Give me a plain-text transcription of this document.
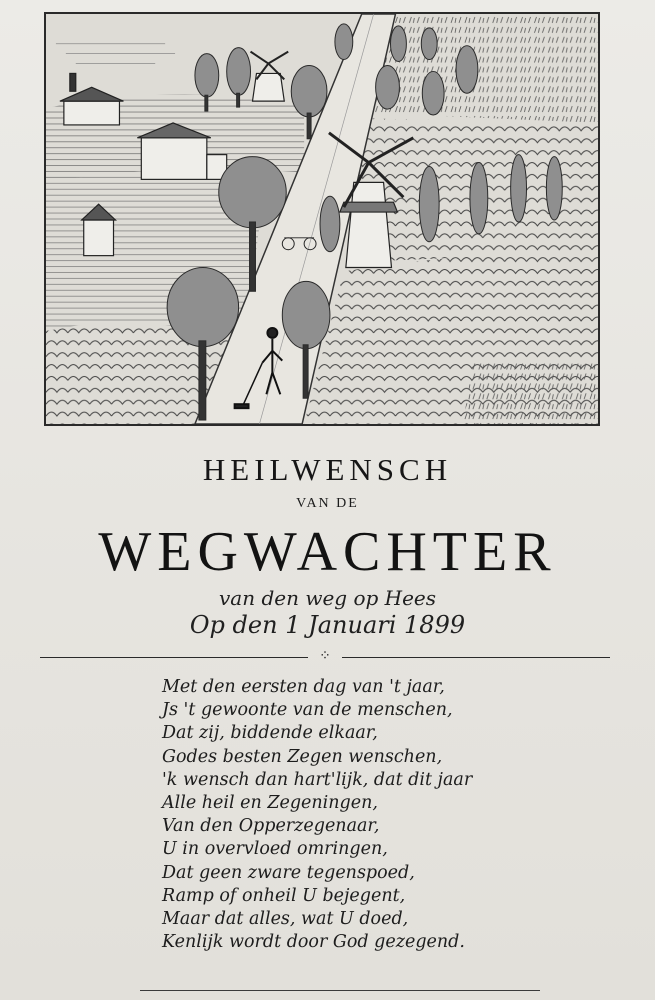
HEILWENSCH
VAN DE
WEGWACHTER
van den weg op Hees
Op den 1 Januari 1899
⁘
Met den eersten dag van 't jaar,
Js 't gewoonte van de menschen,
Dat zij, biddende elkaar,
Godes besten Zegen wenschen,
'k wensch dan hart'lijk, dat dit jaar
Alle heil en Zegeningen,
Van den Opperzegenaar,
U in overvloed omringen,
Dat geen zware tegenspoed,
Ramp of onheil U bejegent,
Maar dat alles, wat U doed,
Kenlijk wordt door God gezegend.
